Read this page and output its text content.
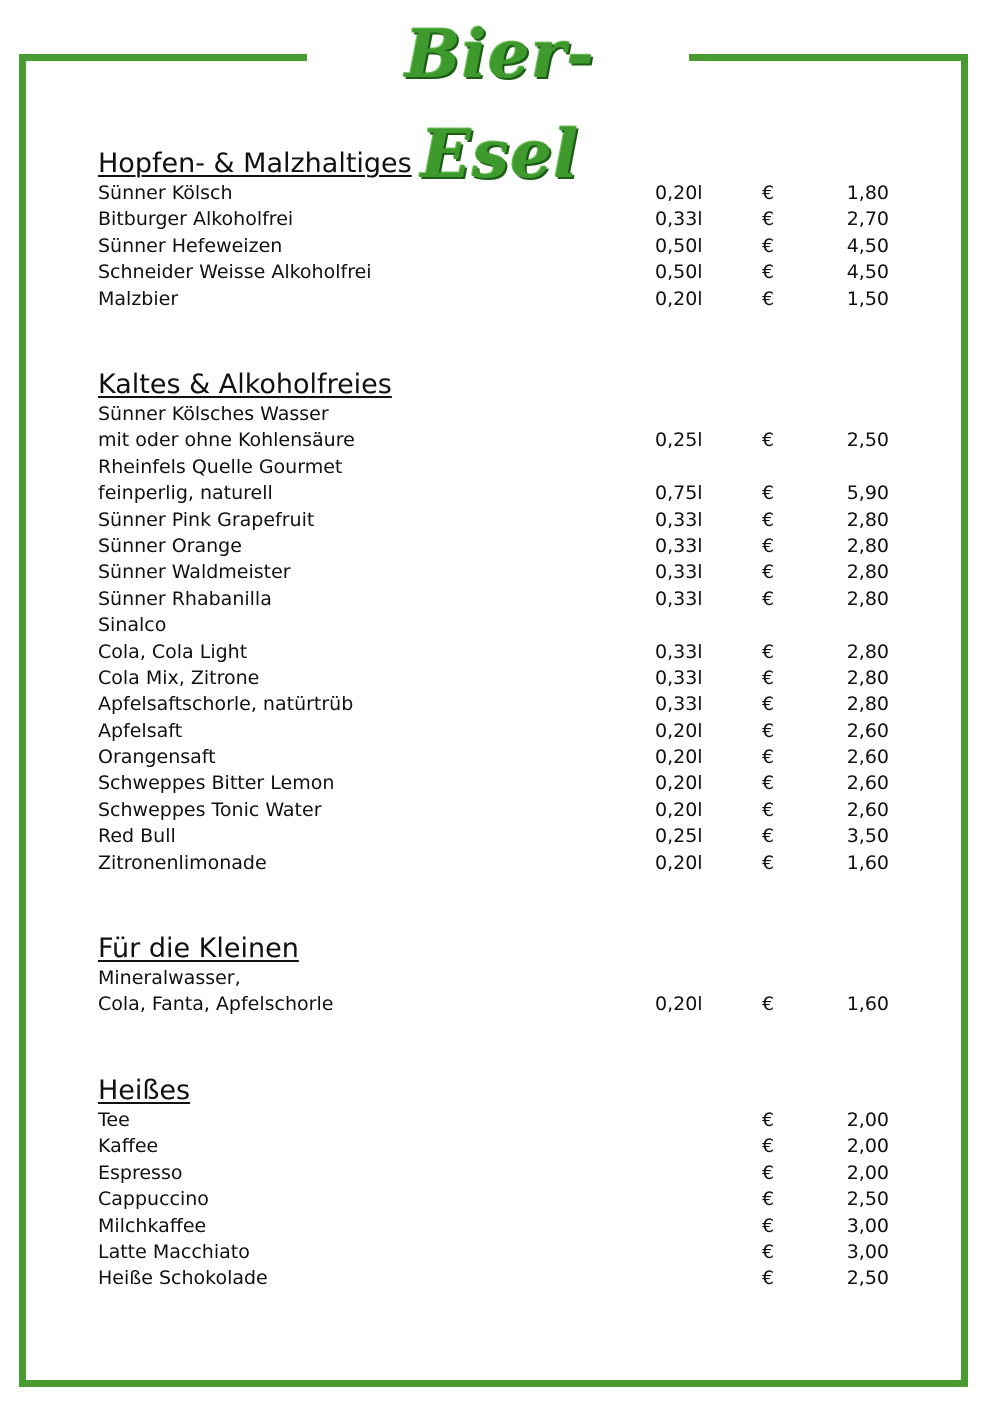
Bier-Esel
Hopfen- & Malzhaltiges
Sünner Kölsch	0,20l	€	1,80
Bitburger Alkoholfrei	0,33l	€	2,70
Sünner Hefeweizen	0,50l	€	4,50
Schneider Weisse Alkoholfrei	0,50l	€	4,50
Malzbier	0,20l	€	1,50
Kaltes & Alkoholfreies
Sünner Kölsches Wasser
mit oder ohne Kohlensäure	0,25l	€	2,50
Rheinfels Quelle Gourmet
feinperlig, naturell	0,75l	€	5,90
Sünner Pink Grapefruit	0,33l	€	2,80
Sünner Orange	0,33l	€	2,80
Sünner Waldmeister	0,33l	€	2,80
Sünner Rhabanilla	0,33l	€	2,80
Sinalco
Cola, Cola Light	0,33l	€	2,80
Cola Mix, Zitrone	0,33l	€	2,80
Apfelsaftschorle, natürtrüb	0,33l	€	2,80
Apfelsaft	0,20l	€	2,60
Orangensaft	0,20l	€	2,60
Schweppes Bitter Lemon	0,20l	€	2,60
Schweppes Tonic Water	0,20l	€	2,60
Red Bull	0,25l	€	3,50
Zitronenlimonade	0,20l	€	1,60
Für die Kleinen
Mineralwasser,
Cola, Fanta, Apfelschorle	0,20l	€	1,60
Heißes
Tee	€	2,00
Kaffee	€	2,00
Espresso	€	2,00
Cappuccino	€	2,50
Milchkaffee	€	3,00
Latte Macchiato	€	3,00
Heiße Schokolade	€	2,50
